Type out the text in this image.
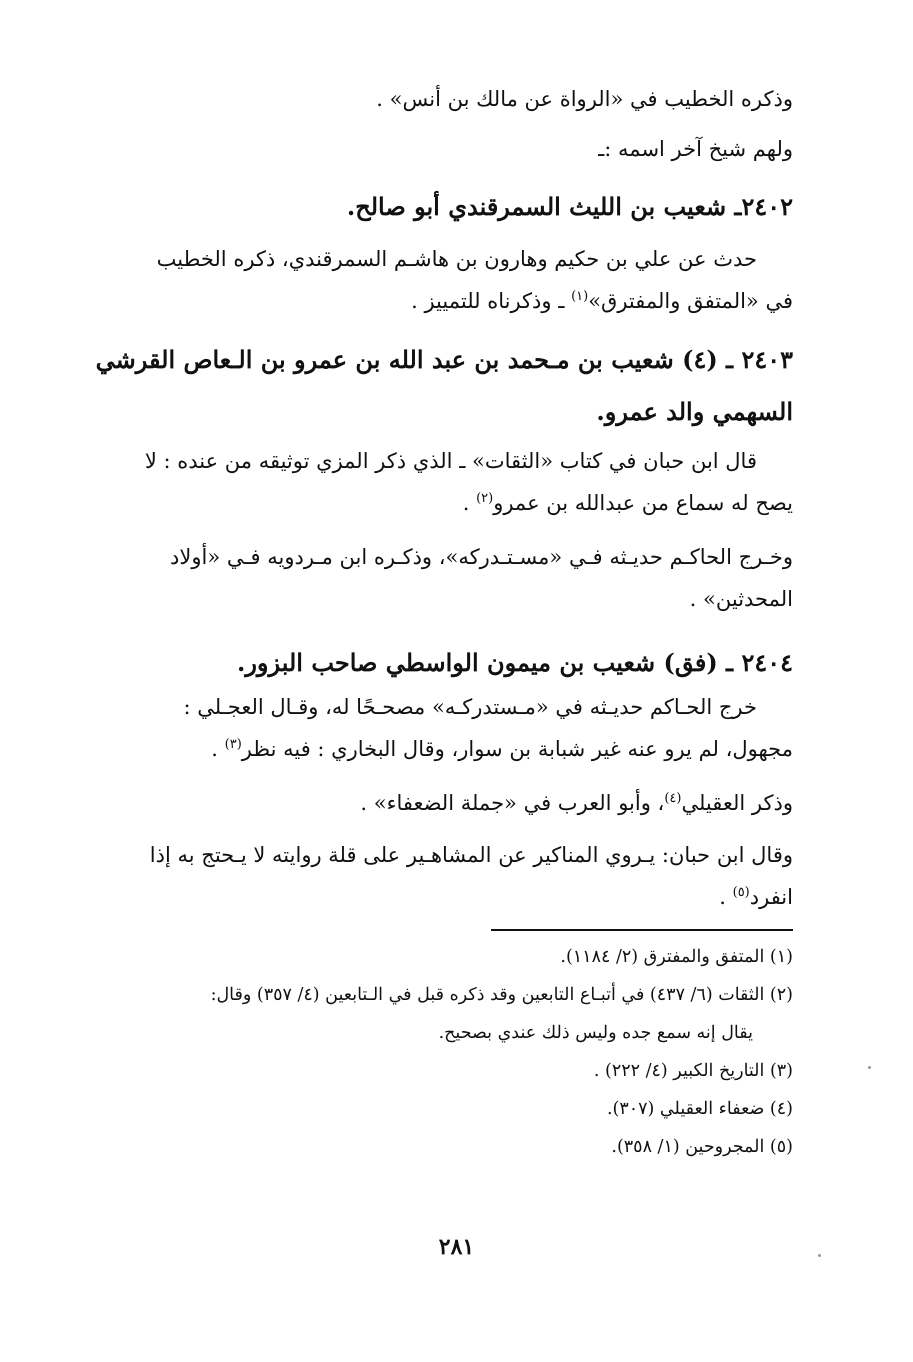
وذكره الخطيب في «الرواة عن مالك بن أنس» .

ولهم شيخ آخر اسمه :ـ

٢٤٠٢ـ شعيب بن الليث السمرقندي أبو صالح.

حدث عن علي بن حكيم وهارون بن هاشـم السمرقندي، ذكره الخطيب

في «المتفق والمفترق»$^{(١)}$ ـ وذكرناه للتمييز .

٢٤٠٣ ـ (٤) شعيب بن مـحمد بن عبد الله بن عمرو بن الـعاص القرشي

السهمي والد عمرو.

قال ابن حبان في كتاب «الثقات» ـ الذي ذكر المزي توثيقه من عنده : لا

يصح له سماع من عبدالله بن عمرو$^{(٢)}$ .

وخـرج الحاكـم حديـثه فـي «مسـتـدركه»، وذكـره ابن مـردويه فـي «أولاد

المحدثين» .

٢٤٠٤ ـ (فق) شعيب بن ميمون الواسطي صاحب البزور.

خرج الحـاكم حديـثه في «مـستدركـه» مصحـحًا له، وقـال العجـلي :

مجهول، لم يرو عنه غير شبابة بن سوار، وقال البخاري : فيه نظر$^{(٣)}$ .

وذكر العقيلي$^{(٤)}$، وأبو العرب في «جملة الضعفاء» .

وقال ابن حبان: يـروي المناكير عن المشاهـير على قلة روايته لا يـحتج به إذا

انفرد$^{(٥)}$ .

(١) المتفق والمفترق (٢/ ١١٨٤).

(٢) الثقات (٦/ ٤٣٧) في أتبـاع التابعين وقد ذكره قبل في الـتابعين (٤/ ٣٥٧) وقال:
يقال إنه سمع جده وليس ذلك عندي بصحيح.

(٣) التاريخ الكبير (٤/ ٢٢٢) .

(٤) ضعفاء العقيلي (٣٠٧).

(٥) المجروحين (١/ ٣٥٨).

٢٨١
